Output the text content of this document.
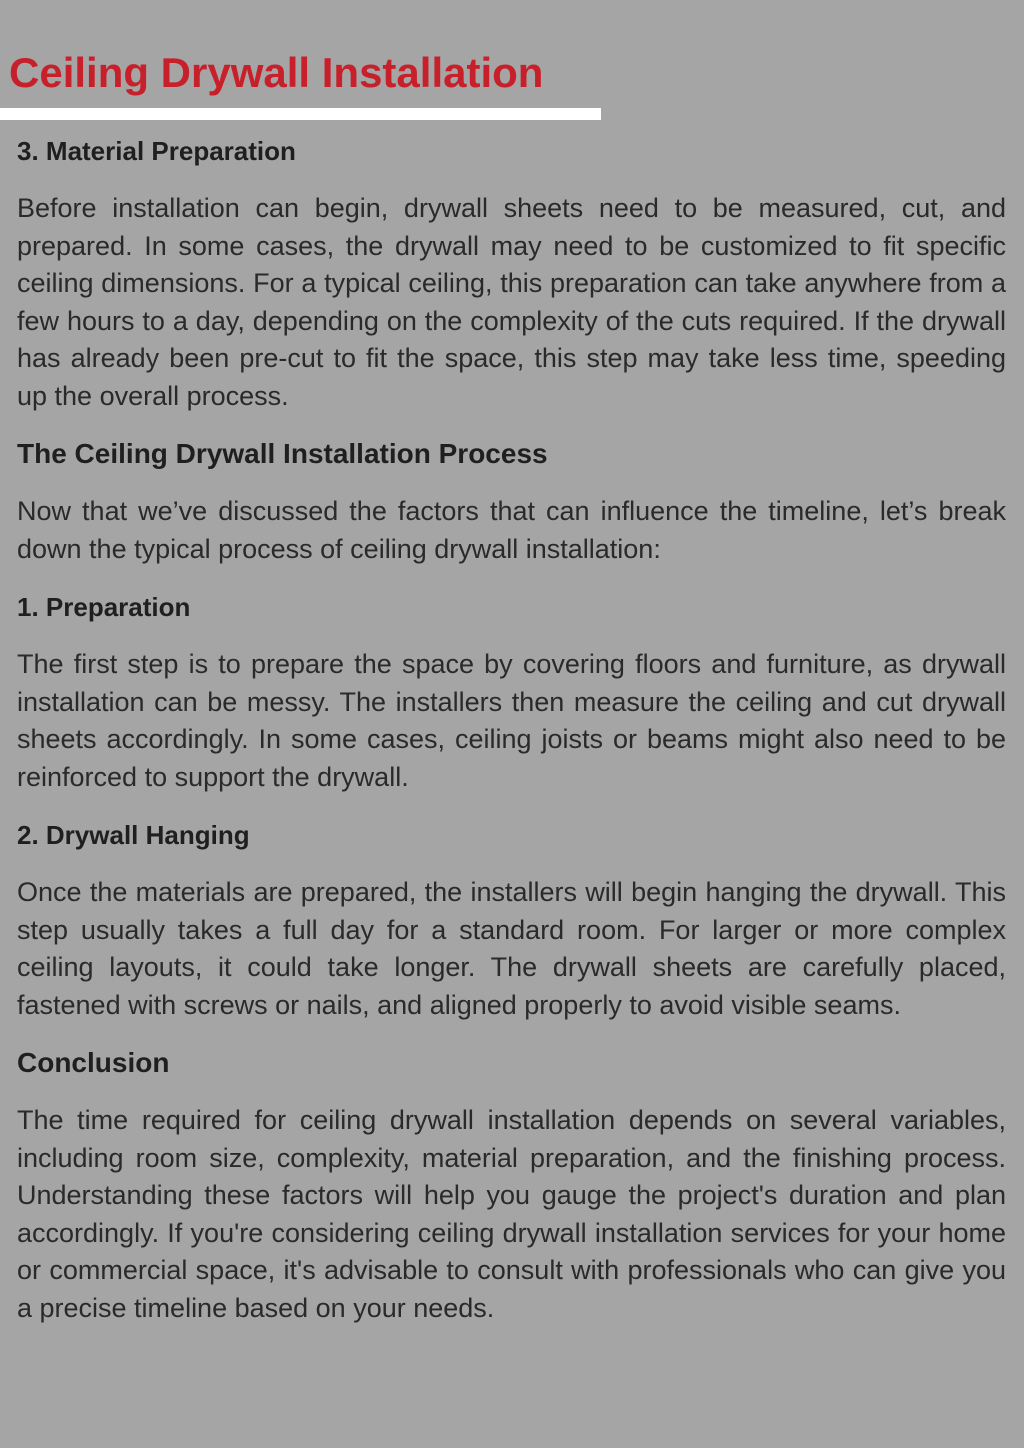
Ceiling Drywall Installation
3. Material Preparation

Before installation can begin, drywall sheets need to be measured, cut, and prepared. In some cases, the drywall may need to be customized to fit specific ceiling dimensions. For a typical ceiling, this preparation can take anywhere from a few hours to a day, depending on the complexity of the cuts required. If the drywall has already been pre-cut to fit the space, this step may take less time, speeding up the overall process.

The Ceiling Drywall Installation Process

Now that we’ve discussed the factors that can influence the timeline, let’s break down the typical process of ceiling drywall installation:

1. Preparation

The first step is to prepare the space by covering floors and furniture, as drywall installation can be messy. The installers then measure the ceiling and cut drywall sheets accordingly. In some cases, ceiling joists or beams might also need to be reinforced to support the drywall.

2. Drywall Hanging

Once the materials are prepared, the installers will begin hanging the drywall. This step usually takes a full day for a standard room. For larger or more complex ceiling layouts, it could take longer. The drywall sheets are carefully placed, fastened with screws or nails, and aligned properly to avoid visible seams.

Conclusion

The time required for ceiling drywall installation depends on several variables, including room size, complexity, material preparation, and the finishing process. Understanding these factors will help you gauge the project's duration and plan accordingly. If you're considering ceiling drywall installation services for your home or commercial space, it's advisable to consult with professionals who can give you a precise timeline based on your needs.
